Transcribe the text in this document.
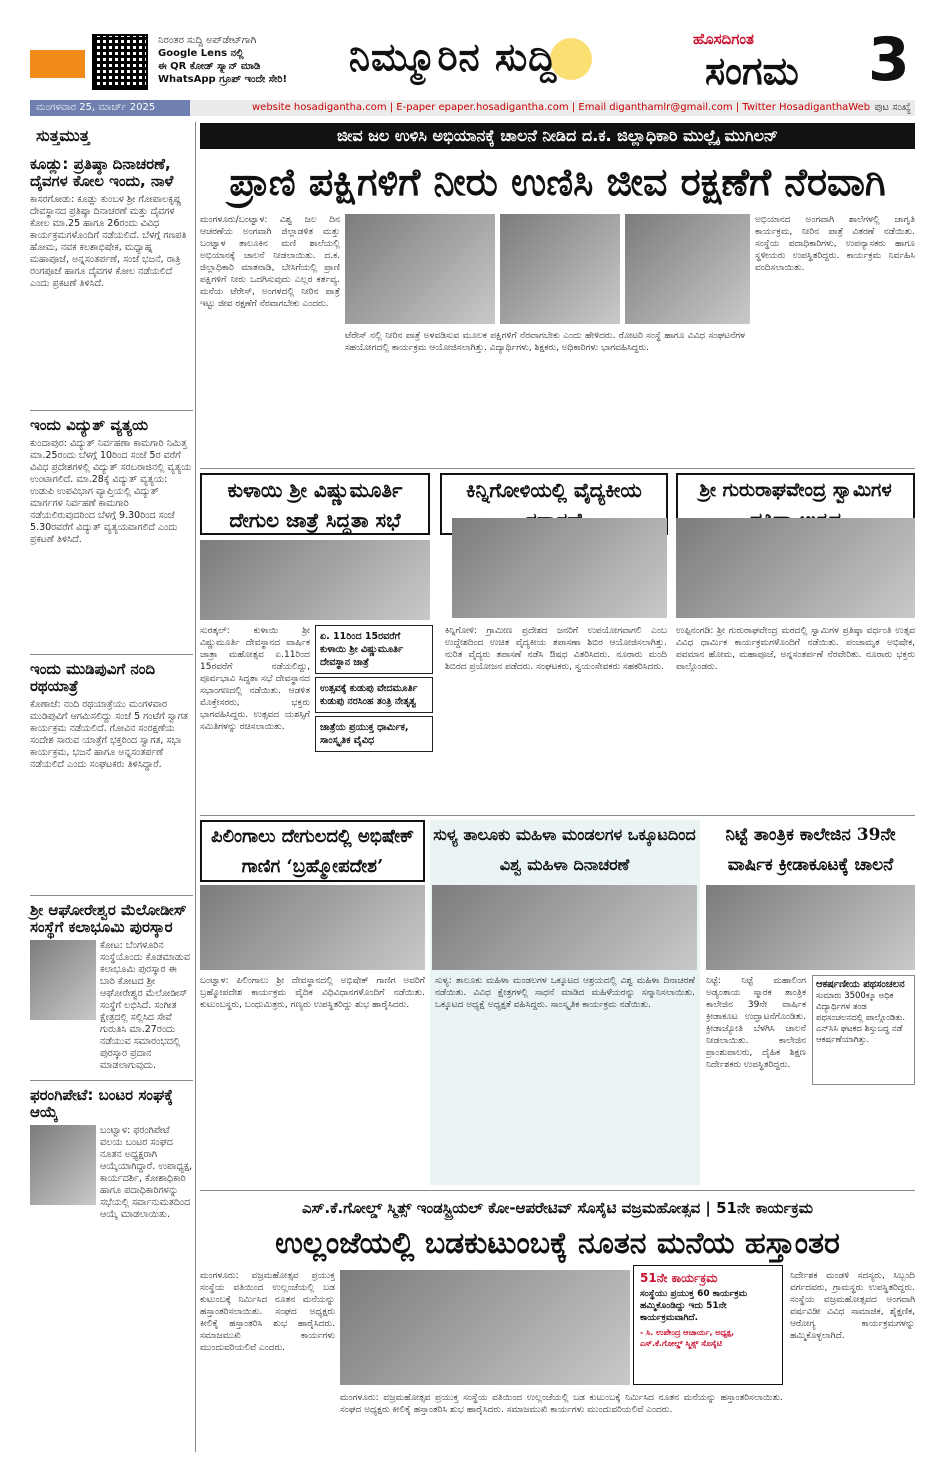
ನಿರಂತರ ಸುದ್ದಿ ಅಪ್‌ಡೇಟ್‌ಗಾಗಿ
Google Lens ನಲ್ಲಿ
ಈ QR ಕೋಡ್ ಸ್ಕ್ಯಾನ್ ಮಾಡಿ
WhatsApp ಗ್ರೂಪ್ ಇಂದೇ ಸೇರಿ!
ನಿಮ್ಮೂರಿನ ಸುದ್ದಿ	ಹೊಸದಿಗಂತ
ಸಂಗಮ 3
ಮಂಗಳವಾರ 25, ಮಾರ್ಚ್ 2025	website hosadigantha.com | E-paper epaper.hosadigantha.com | Email diganthamlr@gmail.com | Twitter HosadiganthaWeb ಪುಟ ಸಂಖ್ಯೆ
ಸುತ್ತಮುತ್ತ
ಕೂಡ್ಲು: ಪ್ರತಿಷ್ಠಾ ದಿನಾಚರಣೆ, ದೈವಗಳ ಕೋಲ ಇಂದು, ನಾಳೆ
ಕಾಸರಗೋಡು: ಕೂಡ್ಲು ಕುಂಬಳ ಶ್ರೀ ಗೋಪಾಲಕೃಷ್ಣ ದೇವಸ್ಥಾನದ ಪ್ರತಿಷ್ಠಾ ದಿನಾಚರಣೆ ಮತ್ತು ದೈವಗಳ ಕೋಲ ಮಾ.25 ಹಾಗೂ 26ರಂದು ವಿವಿಧ ಕಾರ್ಯಕ್ರಮಗಳೊಂದಿಗೆ ನಡೆಯಲಿದೆ. ಬೆಳಗ್ಗೆ ಗಣಪತಿ ಹೋಮ, ನವಕ ಕಲಶಾಭಿಷೇಕ, ಮಧ್ಯಾಹ್ನ ಮಹಾಪೂಜೆ, ಅನ್ನಸಂತರ್ಪಣೆ, ಸಂಜೆ ಭಜನೆ, ರಾತ್ರಿ ರಂಗಪೂಜೆ ಹಾಗೂ ದೈವಗಳ ಕೋಲ ನಡೆಯಲಿದೆ ಎಂದು ಪ್ರಕಟಣೆ ತಿಳಿಸಿದೆ.
ಇಂದು ವಿದ್ಯುತ್ ವ್ಯತ್ಯಯ
ಕುಂದಾಪುರ: ವಿದ್ಯುತ್ ನಿರ್ವಹಣಾ ಕಾಮಗಾರಿ ನಿಮಿತ್ತ ಮಾ.25ರಂದು ಬೆಳಗ್ಗೆ 10ರಿಂದ ಸಂಜೆ 5ರ ವರೆಗೆ ವಿವಿಧ ಪ್ರದೇಶಗಳಲ್ಲಿ ವಿದ್ಯುತ್ ಸರಬರಾಜಿನಲ್ಲಿ ವ್ಯತ್ಯಯ ಉಂಟಾಗಲಿದೆ. ಮಾ.28ಕ್ಕೆ ವಿದ್ಯುತ್ ವ್ಯತ್ಯಯ: ಉಡುಪಿ ಉಪವಿಭಾಗ ವ್ಯಾಪ್ತಿಯಲ್ಲಿ ವಿದ್ಯುತ್ ಮಾರ್ಗಗಳ ನಿರ್ವಹಣೆ ಕಾಮಗಾರಿ ನಡೆಯಲಿರುವುದರಿಂದ ಬೆಳಗ್ಗೆ 9.30ರಿಂದ ಸಂಜೆ 5.30ರವರೆಗೆ ವಿದ್ಯುತ್ ವ್ಯತ್ಯಯವಾಗಲಿದೆ ಎಂದು ಪ್ರಕಟಣೆ ತಿಳಿಸಿದೆ.
ಇಂದು ಮುಡಿಪುವಿಗೆ ನಂದಿ ರಥಯಾತ್ರೆ
ಕೊಣಾಜೆ: ನಂದಿ ರಥಯಾತ್ರೆಯು ಮಂಗಳವಾರ ಮುಡಿಪುವಿಗೆ ಆಗಮಿಸಲಿದ್ದು ಸಂಜೆ 5 ಗಂಟೆಗೆ ಸ್ವಾಗತ ಕಾರ್ಯಕ್ರಮ ನಡೆಯಲಿದೆ. ಗೋವಿನ ಸಂರಕ್ಷಣೆಯ ಸಂದೇಶ ಸಾರುವ ಯಾತ್ರೆಗೆ ಭಕ್ತರಿಂದ ಸ್ವಾಗತ, ಸಭಾ ಕಾರ್ಯಕ್ರಮ, ಭಜನೆ ಹಾಗೂ ಅನ್ನಸಂತರ್ಪಣೆ ನಡೆಯಲಿದೆ ಎಂದು ಸಂಘಟಕರು ತಿಳಿಸಿದ್ದಾರೆ.
ಶ್ರೀ ಆಘೋರೇಶ್ವರ ಮೆಲೋಡೀಸ್ ಸಂಸ್ಥೆಗೆ ಕಲಾಭೂಮಿ ಪುರಸ್ಕಾರ
ಕೋಟ: ಬೆಂಗಳೂರಿನ ಸಂಸ್ಥೆಯೊಂದು ಕೊಡಮಾಡುವ ಕಲಾಭೂಮಿ ಪುರಸ್ಕಾರ ಈ ಬಾರಿ ಕೋಟದ ಶ್ರೀ ಆಘೋರೇಶ್ವರ ಮೆಲೋಡೀಸ್ ಸಂಸ್ಥೆಗೆ ಲಭಿಸಿದೆ. ಸಂಗೀತ ಕ್ಷೇತ್ರದಲ್ಲಿ ಸಲ್ಲಿಸಿದ ಸೇವೆ ಗುರುತಿಸಿ ಮಾ.27ರಂದು ನಡೆಯುವ ಸಮಾರಂಭದಲ್ಲಿ ಪುರಸ್ಕಾರ ಪ್ರದಾನ ಮಾಡಲಾಗುವುದು.
ಫರಂಗಿಪೇಟೆ: ಬಂಟರ ಸಂಘಕ್ಕೆ ಆಯ್ಕೆ
ಬಂಟ್ವಾಳ: ಫರಂಗಿಪೇಟೆ ವಲಯ ಬಂಟರ ಸಂಘದ ನೂತನ ಅಧ್ಯಕ್ಷರಾಗಿ ಆಯ್ಕೆಯಾಗಿದ್ದಾರೆ. ಉಪಾಧ್ಯಕ್ಷ, ಕಾರ್ಯದರ್ಶಿ, ಕೋಶಾಧಿಕಾರಿ ಹಾಗೂ ಪದಾಧಿಕಾರಿಗಳನ್ನು ಸಭೆಯಲ್ಲಿ ಸರ್ವಾನುಮತದಿಂದ ಆಯ್ಕೆ ಮಾಡಲಾಯಿತು.
ಜೀವ ಜಲ ಉಳಿಸಿ ಅಭಿಯಾನಕ್ಕೆ ಚಾಲನೆ ನೀಡಿದ ದ.ಕ. ಜಿಲ್ಲಾಧಿಕಾರಿ ಮುಲ್ಲೈ ಮುಗಿಲನ್
ಪ್ರಾಣಿ ಪಕ್ಷಿಗಳಿಗೆ ನೀರು ಉಣಿಸಿ ಜೀವ ರಕ್ಷಣೆಗೆ ನೆರವಾಗಿ
ಮಂಗಳೂರು/ಬಂಟ್ವಾಳ: ವಿಶ್ವ ಜಲ ದಿನ ಆಚರಣೆಯ ಅಂಗವಾಗಿ ಜಿಲ್ಲಾಡಳಿತ ಮತ್ತು ಬಂಟ್ವಾಳ ತಾಲೂಕಿನ ಮಣಿ ಶಾಲೆಯಲ್ಲಿ ಅಭಿಯಾನಕ್ಕೆ ಚಾಲನೆ ನೀಡಲಾಯಿತು. ದ.ಕ. ಜಿಲ್ಲಾಧಿಕಾರಿ ಮಾತನಾಡಿ, ಬೇಸಿಗೆಯಲ್ಲಿ ಪ್ರಾಣಿ ಪಕ್ಷಿಗಳಿಗೆ ನೀರು ಒದಗಿಸುವುದು ಎಲ್ಲರ ಕರ್ತವ್ಯ. ಮನೆಯ ಟೆರೇಸ್, ಅಂಗಳದಲ್ಲಿ ನೀರಿನ ಪಾತ್ರೆ ಇಟ್ಟು ಜೀವ ರಕ್ಷಣೆಗೆ ನೆರವಾಗಬೇಕು ಎಂದರು.
ಟೆರೇಸ್ ನಲ್ಲಿ ನೀರಿನ ಪಾತ್ರೆ ಅಳವಡಿಸುವ ಮೂಲಕ ಪಕ್ಷಿಗಳಿಗೆ ನೆರವಾಗಬೇಕು ಎಂದು ಹೇಳಿದರು. ರೋಟರಿ ಸಂಸ್ಥೆ ಹಾಗೂ ವಿವಿಧ ಸಂಘಟನೆಗಳ ಸಹಯೋಗದಲ್ಲಿ ಕಾರ್ಯಕ್ರಮ ಆಯೋಜಿಸಲಾಗಿತ್ತು. ವಿದ್ಯಾರ್ಥಿಗಳು, ಶಿಕ್ಷಕರು, ಅಧಿಕಾರಿಗಳು ಭಾಗವಹಿಸಿದ್ದರು.
ಅಭಿಯಾನದ ಅಂಗವಾಗಿ ಶಾಲೆಗಳಲ್ಲಿ ಜಾಗೃತಿ ಕಾರ್ಯಕ್ರಮ, ನೀರಿನ ಪಾತ್ರೆ ವಿತರಣೆ ನಡೆಯಿತು. ಸಂಸ್ಥೆಯ ಪದಾಧಿಕಾರಿಗಳು, ಉಪನ್ಯಾಸಕರು ಹಾಗೂ ಸ್ಥಳೀಯರು ಉಪಸ್ಥಿತರಿದ್ದರು. ಕಾರ್ಯಕ್ರಮ ನಿರ್ವಹಿಸಿ ವಂದಿಸಲಾಯಿತು.
ಕುಳಾಯಿ ಶ್ರೀ ವಿಷ್ಣುಮೂರ್ತಿ ದೇಗುಲ ಜಾತ್ರೆ ಸಿದ್ಧತಾ ಸಭೆ
ಸುರತ್ಕಲ್: ಕುಳಾಯಿ ಶ್ರೀ ವಿಷ್ಣುಮೂರ್ತಿ ದೇವಸ್ಥಾನದ ವಾರ್ಷಿಕ ಜಾತ್ರಾ ಮಹೋತ್ಸವ ಏ.11ರಿಂದ 15ರವರೆಗೆ ನಡೆಯಲಿದ್ದು, ಪೂರ್ವಭಾವಿ ಸಿದ್ಧತಾ ಸಭೆ ದೇವಸ್ಥಾನದ ಸಭಾಂಗಣದಲ್ಲಿ ನಡೆಯಿತು. ಆಡಳಿತ ಮೊಕ್ತೇಸರರು, ಭಕ್ತರು ಭಾಗವಹಿಸಿದ್ದರು. ಉತ್ಸವದ ಯಶಸ್ಸಿಗೆ ಸಮಿತಿಗಳನ್ನು ರಚಿಸಲಾಯಿತು.
ಏ. 11ರಿಂದ 15ರವರೆಗೆ ಕುಳಾಯಿ ಶ್ರೀ ವಿಷ್ಣುಮೂರ್ತಿ ದೇವಸ್ಥಾನ ಜಾತ್ರೆ
ಉತ್ಸವಕ್ಕೆ ಕುಡುಪು ವೇದಮೂರ್ತಿ ಕುಡುಪು ನರಸಿಂಹ ತಂತ್ರಿ ನೇತೃತ್ವ
ಜಾತ್ರೆಯ ಪ್ರಯುಕ್ತ ಧಾರ್ಮಿಕ, ಸಾಂಸ್ಕೃತಿಕ ವೈವಿಧ
ಕಿನ್ನಿಗೋಳಿಯಲ್ಲಿ ವೈದ್ಯಕೀಯ
ಕಿನ್ನಿಗೋಳಿ: ಗ್ರಾಮೀಣ ಪ್ರದೇಶದ ಜನರಿಗೆ ಉಪಯೋಗವಾಗಲಿ ಎಂಬ ಉದ್ದೇಶದಿಂದ ಉಚಿತ ವೈದ್ಯಕೀಯ ತಪಾಸಣಾ ಶಿಬಿರ ಆಯೋಜಿಸಲಾಗಿತ್ತು. ನುರಿತ ವೈದ್ಯರು ತಪಾಸಣೆ ನಡೆಸಿ ಔಷಧ ವಿತರಿಸಿದರು. ನೂರಾರು ಮಂದಿ ಶಿಬಿರದ ಪ್ರಯೋಜನ ಪಡೆದರು. ಸಂಘಟಕರು, ಸ್ವಯಂಸೇವಕರು ಸಹಕರಿಸಿದರು.
ಶ್ರೀ ಗುರುರಾಘವೇಂದ್ರ ಸ್ವಾಮಿಗಳ
ಉಪ್ಪಿನಂಗಡಿ: ಶ್ರೀ ಗುರುರಾಘವೇಂದ್ರ ಮಠದಲ್ಲಿ ಸ್ವಾಮಿಗಳ ಪ್ರತಿಷ್ಠಾ ವರ್ಧಂತಿ ಉತ್ಸವ ವಿವಿಧ ಧಾರ್ಮಿಕ ಕಾರ್ಯಕ್ರಮಗಳೊಂದಿಗೆ ನಡೆಯಿತು. ಪಂಚಾಮೃತ ಅಭಿಷೇಕ, ಪವಮಾನ ಹೋಮ, ಮಹಾಪೂಜೆ, ಅನ್ನಸಂತರ್ಪಣೆ ನೆರವೇರಿತು. ನೂರಾರು ಭಕ್ತರು ಪಾಲ್ಗೊಂಡರು.
ಪಿಲಿಂಗಾಲು ದೇಗುಲದಲ್ಲಿ ಅಭಿಷೇಕ್ ಗಾಣಿಗ ‘ಬ್ರಹ್ಮೋಪದೇಶ’
ಬಂಟ್ವಾಳ: ಪಿಲಿಂಗಾಲು ಶ್ರೀ ದೇವಸ್ಥಾನದಲ್ಲಿ ಅಭಿಷೇಕ್ ಗಾಣಿಗ ಅವರಿಗೆ ಬ್ರಹ್ಮೋಪದೇಶ ಕಾರ್ಯಕ್ರಮ ವೈದಿಕ ವಿಧಿವಿಧಾನಗಳೊಂದಿಗೆ ನಡೆಯಿತು. ಕುಟುಂಬಸ್ಥರು, ಬಂಧುಮಿತ್ರರು, ಗಣ್ಯರು ಉಪಸ್ಥಿತರಿದ್ದು ಶುಭ ಹಾರೈಸಿದರು.
ಸುಳ್ಯ ತಾಲೂಕು ಮಹಿಳಾ ಮಂಡಲಗಳ ಒಕ್ಕೂಟದಿಂದ ವಿಶ್ವ ಮಹಿಳಾ ದಿನಾಚರಣೆ
ಸುಳ್ಯ: ತಾಲೂಕು ಮಹಿಳಾ ಮಂಡಲಗಳ ಒಕ್ಕೂಟದ ಆಶ್ರಯದಲ್ಲಿ ವಿಶ್ವ ಮಹಿಳಾ ದಿನಾಚರಣೆ ನಡೆಯಿತು. ವಿವಿಧ ಕ್ಷೇತ್ರಗಳಲ್ಲಿ ಸಾಧನೆ ಮಾಡಿದ ಮಹಿಳೆಯರನ್ನು ಸನ್ಮಾನಿಸಲಾಯಿತು. ಒಕ್ಕೂಟದ ಅಧ್ಯಕ್ಷೆ ಅಧ್ಯಕ್ಷತೆ ವಹಿಸಿದ್ದರು. ಸಾಂಸ್ಕೃತಿಕ ಕಾರ್ಯಕ್ರಮ ನಡೆಯಿತು.
ನಿಟ್ಟೆ ತಾಂತ್ರಿಕ ಕಾಲೇಜಿನ 39ನೇ ವಾರ್ಷಿಕ ಕ್ರೀಡಾಕೂಟಕ್ಕೆ ಚಾಲನೆ
ನಿಟ್ಟೆ: ನಿಟ್ಟೆ ಮಹಾಲಿಂಗ ಅಡ್ಯಂತಾಯ ಸ್ಮಾರಕ ತಾಂತ್ರಿಕ ಕಾಲೇಜಿನ 39ನೇ ವಾರ್ಷಿಕ ಕ್ರೀಡಾಕೂಟ ಉದ್ಘಾಟನೆಗೊಂಡಿತು. ಕ್ರೀಡಾಜ್ಯೋತಿ ಬೆಳಗಿಸಿ ಚಾಲನೆ ನೀಡಲಾಯಿತು. ಕಾಲೇಜಿನ ಪ್ರಾಂಶುಪಾಲರು, ದೈಹಿಕ ಶಿಕ್ಷಣ ನಿರ್ದೇಶಕರು ಉಪಸ್ಥಿತರಿದ್ದರು.
ಆಕರ್ಷಣೀಯ ಪಥಸಂಚಲನ
ಸುಮಾರು 3500ಕ್ಕೂ ಅಧಿಕ ವಿದ್ಯಾರ್ಥಿಗಳ ತಂಡ ಪಥಸಂಚಲನದಲ್ಲಿ ಪಾಲ್ಗೊಂಡಿತು. ಎನ್‌ಸಿಸಿ ಘಟಕದ ಶಿಸ್ತುಬದ್ಧ ನಡೆ ಆಕರ್ಷಣೆಯಾಗಿತ್ತು.
ಎಸ್.ಕೆ.ಗೋಲ್ಡ್ ಸ್ಮಿತ್ಸ್ ಇಂಡಸ್ಟ್ರಿಯಲ್ ಕೋ-ಆಪರೇಟಿವ್ ಸೊಸೈಟಿ ವಜ್ರಮಹೋತ್ಸವ | 51ನೇ ಕಾರ್ಯಕ್ರಮ
ಉಲ್ಲಂಜೆಯಲ್ಲಿ ಬಡಕುಟುಂಬಕ್ಕೆ ನೂತನ ಮನೆಯ ಹಸ್ತಾಂತರ
ಮಂಗಳೂರು: ವಜ್ರಮಹೋತ್ಸವ ಪ್ರಯುಕ್ತ ಸಂಸ್ಥೆಯ ವತಿಯಿಂದ ಉಲ್ಲಂಜೆಯಲ್ಲಿ ಬಡ ಕುಟುಂಬಕ್ಕೆ ನಿರ್ಮಿಸಿದ ನೂತನ ಮನೆಯನ್ನು ಹಸ್ತಾಂತರಿಸಲಾಯಿತು. ಸಂಘದ ಅಧ್ಯಕ್ಷರು ಕೀಲಿಕೈ ಹಸ್ತಾಂತರಿಸಿ ಶುಭ ಹಾರೈಸಿದರು. ಸಮಾಜಮುಖಿ ಕಾರ್ಯಗಳು ಮುಂದುವರಿಯಲಿವೆ ಎಂದರು.
51ನೇ ಕಾರ್ಯಕ್ರಮ
ಸಂಸ್ಥೆಯು ಪ್ರಯುಕ್ತ 60 ಕಾರ್ಯಕ್ರಮ ಹಮ್ಮಿಕೊಂಡಿದ್ದು ಇದು 51ನೇ ಕಾರ್ಯಕ್ರಮವಾಗಿದೆ.
- ಸಿ. ಉಪೇಂದ್ರ ಆಚಾರ್ಯ, ಅಧ್ಯಕ್ಷ, ಎಸ್.ಕೆ.ಗೋಲ್ಡ್ ಸ್ಮಿತ್ಸ್ ಸೊಸೈಟಿ
ಮಂಗಳೂರು: ವಜ್ರಮಹೋತ್ಸವ ಪ್ರಯುಕ್ತ ಸಂಸ್ಥೆಯ ವತಿಯಿಂದ ಉಲ್ಲಂಜೆಯಲ್ಲಿ ಬಡ ಕುಟುಂಬಕ್ಕೆ ನಿರ್ಮಿಸಿದ ನೂತನ ಮನೆಯನ್ನು ಹಸ್ತಾಂತರಿಸಲಾಯಿತು. ಸಂಘದ ಅಧ್ಯಕ್ಷರು ಕೀಲಿಕೈ ಹಸ್ತಾಂತರಿಸಿ ಶುಭ ಹಾರೈಸಿದರು. ಸಮಾಜಮುಖಿ ಕಾರ್ಯಗಳು ಮುಂದುವರಿಯಲಿವೆ ಎಂದರು.
ನಿರ್ದೇಶಕ ಮಂಡಳಿ ಸದಸ್ಯರು, ಸಿಬ್ಬಂದಿ ವರ್ಗದವರು, ಗ್ರಾಮಸ್ಥರು ಉಪಸ್ಥಿತರಿದ್ದರು. ಸಂಸ್ಥೆಯ ವಜ್ರಮಹೋತ್ಸವದ ಅಂಗವಾಗಿ ವರ್ಷವಿಡೀ ವಿವಿಧ ಸಾಮಾಜಿಕ, ಶೈಕ್ಷಣಿಕ, ಆರೋಗ್ಯ ಕಾರ್ಯಕ್ರಮಗಳನ್ನು ಹಮ್ಮಿಕೊಳ್ಳಲಾಗಿದೆ.
